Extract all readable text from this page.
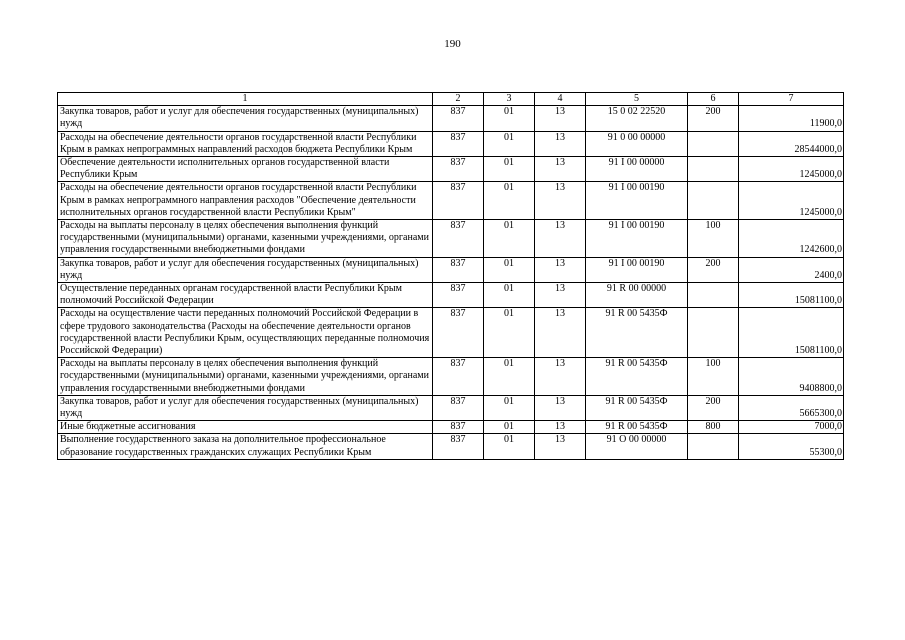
190
1	2	3	4	5	6	7
Закупка товаров, работ и услуг для обеспечения государственных (муниципальных) нужд	837	01	13	15 0 02 22520	200	11900,0
Расходы на обеспечение деятельности органов государственной власти Республики Крым в рамках непрограммных направлений расходов бюджета Республики Крым	837	01	13	91 0 00 00000		28544000,0
Обеспечение деятельности исполнительных органов государственной власти Республики Крым	837	01	13	91 I 00 00000		1245000,0
Расходы на обеспечение деятельности органов государственной власти Республики Крым в рамках непрограммного направления расходов "Обеспечение деятельности исполнительных органов государственной власти Республики Крым"	837	01	13	91 I 00 00190		1245000,0
Расходы на выплаты персоналу в целях обеспечения выполнения функций государственными (муниципальными) органами, казенными учреждениями, органами управления государственными внебюджетными фондами	837	01	13	91 I 00 00190	100	1242600,0
Закупка товаров, работ и услуг для обеспечения государственных (муниципальных) нужд	837	01	13	91 I 00 00190	200	2400,0
Осуществление переданных органам государственной власти Республики Крым полномочий Российской Федерации	837	01	13	91 R 00 00000		15081100,0
Расходы на осуществление части переданных полномочий Российской Федерации в сфере трудового законодательства (Расходы на обеспечение деятельности органов государственной власти Республики Крым, осуществляющих переданные полномочия Российской Федерации)	837	01	13	91 R 00 5435Ф		15081100,0
Расходы на выплаты персоналу в целях обеспечения выполнения функций государственными (муниципальными) органами, казенными учреждениями, органами управления государственными внебюджетными фондами	837	01	13	91 R 00 5435Ф	100	9408800,0
Закупка товаров, работ и услуг для обеспечения государственных (муниципальных) нужд	837	01	13	91 R 00 5435Ф	200	5665300,0
Иные бюджетные ассигнования	837	01	13	91 R 00 5435Ф	800	7000,0
Выполнение государственного заказа на дополнительное профессиональное образование государственных гражданских служащих Республики Крым	837	01	13	91 O 00 00000		55300,0
